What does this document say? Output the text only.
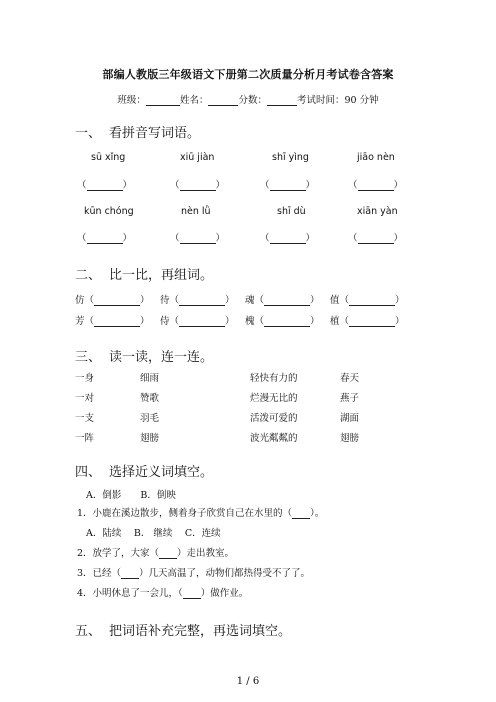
部编人教版三年级语文下册第二次质量分析月考试卷含答案
班级：	姓名：	分数：	考试时间：90 分钟
一、 看拼音写词语。
sū xǐng	xiū jiàn	shī yìng	jiāo nèn
（	）	（	）	（	）	（	）
kūn chóng	nèn lǜ	shī dù	xiān yàn
（	）	（	）	（	）	（	）
二、 比一比，再组词。
仿（	） 待（	） 魂（	） 值（	）
芳（	） 侍（	） 槐（	） 植（	）
三、 读一读，连一连。
一身	细雨	轻快有力的	春天
一对	赞歌	烂漫无比的	燕子
一支	羽毛	活泼可爱的	湖面
一阵	翅膀	波光粼粼的	翅膀
四、 选择近义词填空。
A．倒影　　B．倒映
1．小鹿在溪边散步，侧着身子欣赏自己在水里的（ ）。
A．陆续　 B． 继续　 C．连续
2．放学了，大家（ ）走出教室。
3．已经（ ）几天高温了，动物们都热得受不了了。
4．小明休息了一会儿，（ ）做作业。
五、 把词语补充完整，再选词填空。
1 / 6
